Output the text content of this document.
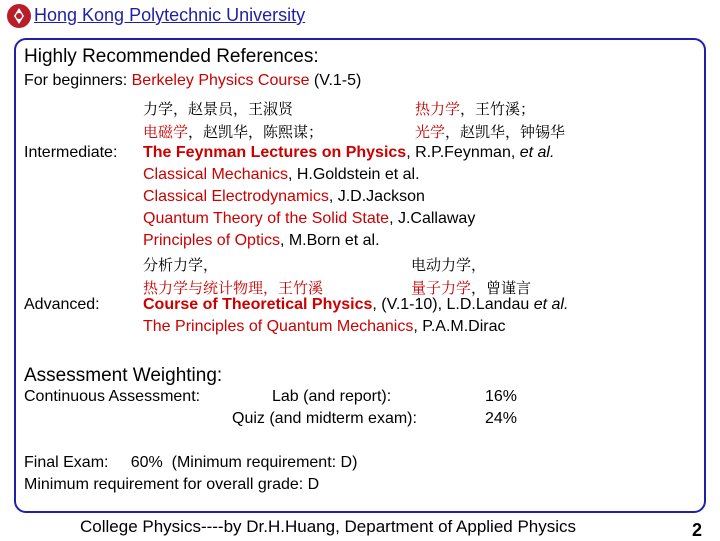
Hong Kong Polytechnic University
Highly Recommended References:
For beginners: Berkeley Physics Course (V.1-5)
力学，赵景员，王淑贤	热力学，王竹溪；
电磁学，赵凯华，陈熙谋；	光学，赵凯华，钟锡华
Intermediate: The Feynman Lectures on Physics, R.P.Feynman, et al.
Classical Mechanics, H.Goldstein et al.
Classical Electrodynamics, J.D.Jackson
Quantum Theory of the Solid State, J.Callaway
Principles of Optics, M.Born et al.
分析力学，	电动力学，
热力学与统计物理，王竹溪	量子力学，曾谨言
Advanced:	Course of Theoretical Physics, (V.1-10), L.D.Landau et al.
The Principles of Quantum Mechanics, P.A.M.Dirac
Assessment Weighting:
Continuous Assessment:	Lab (and report):	16%
Quiz (and midterm exam):	24%
Final Exam:     60%  (Minimum requirement: D)
Minimum requirement for overall grade: D
College Physics----by Dr.H.Huang, Department of Applied Physics	2
